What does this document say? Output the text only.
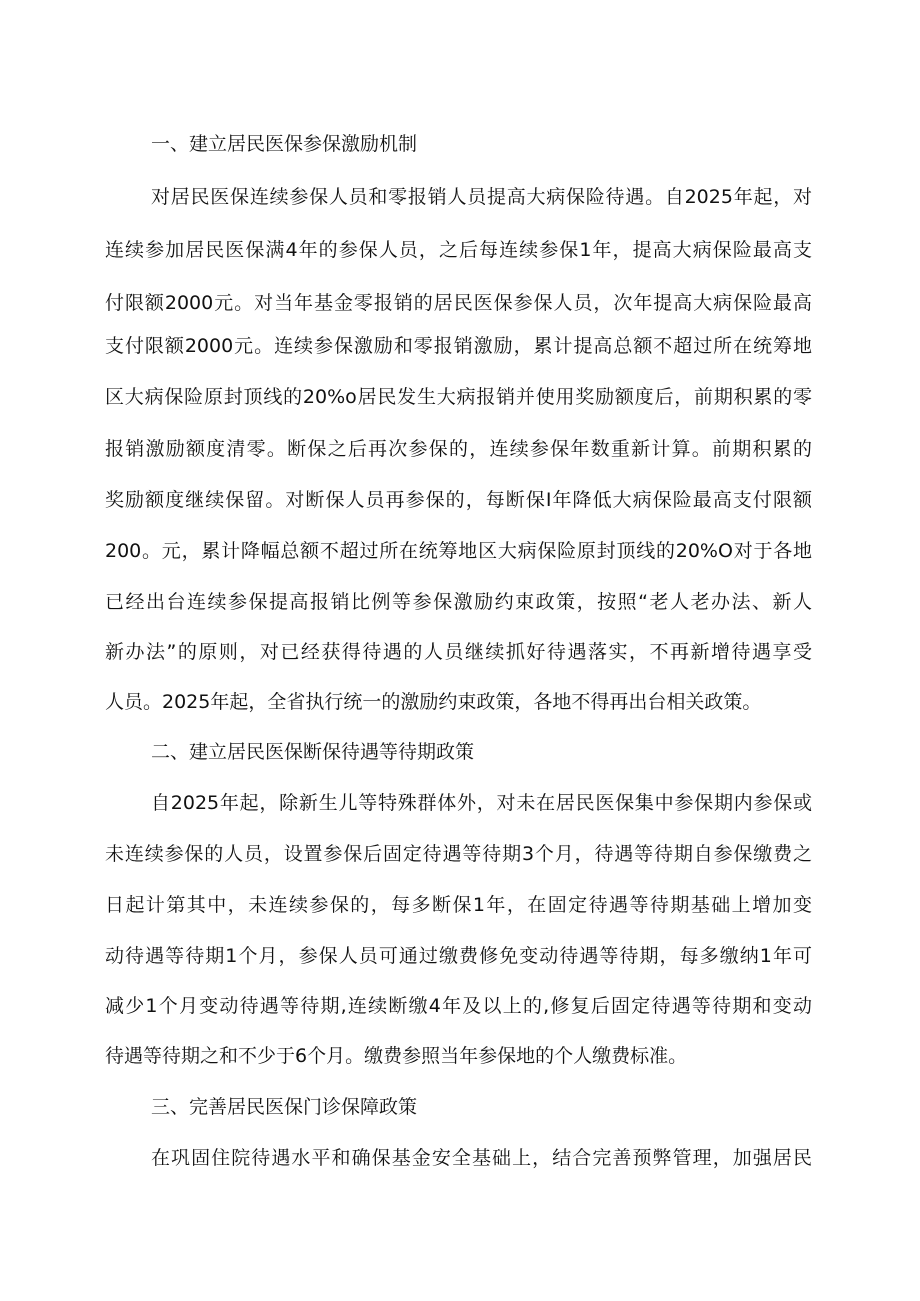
一、建立居民医保参保激励机制
对居民医保连续参保人员和零报销人员提高大病保险待遇。自2025年起，对
连续参加居民医保满4年的参保人员，之后每连续参保1年，提高大病保险最高支
付限额2000元。对当年基金零报销的居民医保参保人员，次年提高大病保险最高
支付限额2000元。连续参保激励和零报销激励，累计提高总额不超过所在统筹地
区大病保险原封顶线的20%o居民发生大病报销并使用奖励额度后，前期积累的零
报销激励额度清零。断保之后再次参保的，连续参保年数重新计算。前期积累的
奖励额度继续保留。对断保人员再参保的，每断保I年降低大病保险最高支付限额
200。元，累计降幅总额不超过所在统筹地区大病保险原封顶线的20%O对于各地
已经出台连续参保提高报销比例等参保激励约束政策，按照“老人老办法、新人
新办法”的原则，对已经获得待遇的人员继续抓好待遇落实，不再新增待遇享受
人员。2025年起，全省执行统一的激励约束政策，各地不得再出台相关政策。
二、建立居民医保断保待遇等待期政策
自2025年起，除新生儿等特殊群体外，对未在居民医保集中参保期内参保或
未连续参保的人员，设置参保后固定待遇等待期3个月，待遇等待期自参保缴费之
日起计第其中，未连续参保的，每多断保1年，在固定待遇等待期基础上增加变
动待遇等待期1个月，参保人员可通过缴费修免变动待遇等待期，每多缴纳1年可
减少1个月变动待遇等待期,连续断缴4年及以上的,修复后固定待遇等待期和变动
待遇等待期之和不少于6个月。缴费参照当年参保地的个人缴费标准。
三、完善居民医保门诊保障政策
在巩固住院待遇水平和确保基金安全基础上，结合完善预弊管理，加强居民
